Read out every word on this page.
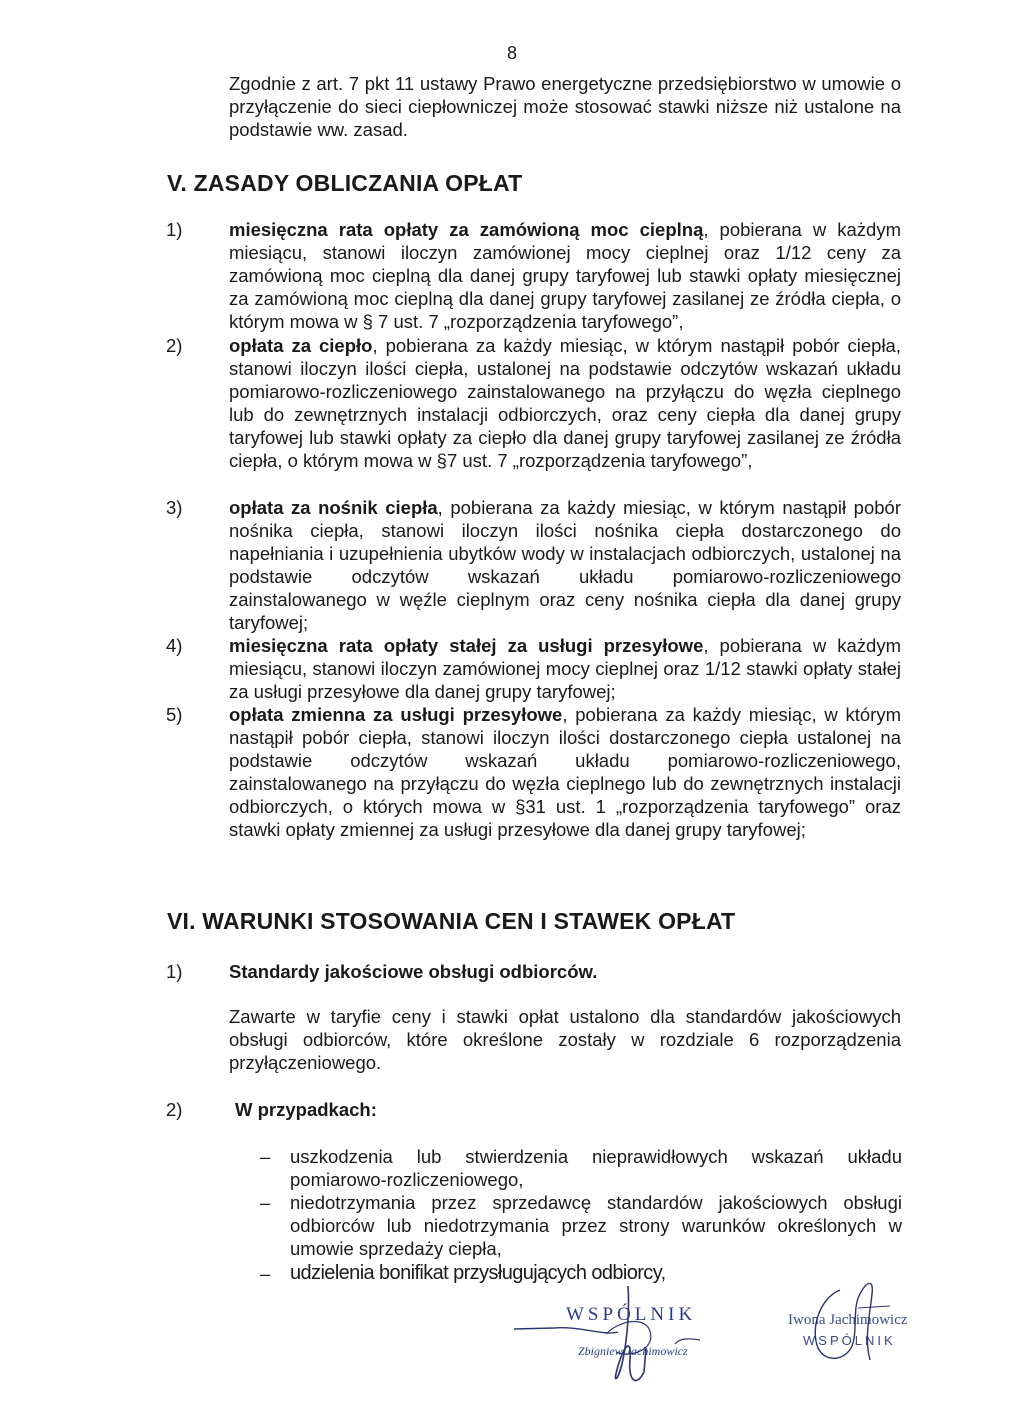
8
Zgodnie z art. 7 pkt 11 ustawy Prawo energetyczne przedsiębiorstwo w umowie o przyłączenie do sieci ciepłowniczej może stosować stawki niższe niż ustalone na podstawie ww. zasad.
V. ZASADY OBLICZANIA OPŁAT
1)	miesięczna rata opłaty za zamówioną moc cieplną, pobierana w każdym miesiącu, stanowi iloczyn zamówionej mocy cieplnej oraz 1/12 ceny za zamówioną moc cieplną dla danej grupy taryfowej lub stawki opłaty miesięcznej za zamówioną moc cieplną dla danej grupy taryfowej zasilanej ze źródła ciepła, o którym mowa w § 7 ust. 7 „rozporządzenia taryfowego”,
2)	opłata za ciepło, pobierana za każdy miesiąc, w którym nastąpił pobór ciepła, stanowi iloczyn ilości ciepła, ustalonej na podstawie odczytów wskazań układu pomiarowo-rozliczeniowego zainstalowanego na przyłączu do węzła cieplnego lub do zewnętrznych instalacji odbiorczych, oraz ceny ciepła dla danej grupy taryfowej lub stawki opłaty za ciepło dla danej grupy taryfowej zasilanej ze źródła ciepła, o którym mowa w §7 ust. 7 „rozporządzenia taryfowego”,
3)	opłata za nośnik ciepła, pobierana za każdy miesiąc, w którym nastąpił pobór nośnika ciepła, stanowi iloczyn ilości nośnika ciepła dostarczonego do napełniania i uzupełnienia ubytków wody w instalacjach odbiorczych, ustalonej na podstawie odczytów wskazań układu pomiarowo-rozliczeniowego zainstalowanego w węźle cieplnym oraz ceny nośnika ciepła dla danej grupy taryfowej;
4)	miesięczna rata opłaty stałej za usługi przesyłowe, pobierana w każdym miesiącu, stanowi iloczyn zamówionej mocy cieplnej oraz 1/12 stawki opłaty stałej za usługi przesyłowe dla danej grupy taryfowej;
5)	opłata zmienna za usługi przesyłowe, pobierana za każdy miesiąc, w którym nastąpił pobór ciepła, stanowi iloczyn ilości dostarczonego ciepła ustalonej na podstawie odczytów wskazań układu pomiarowo-rozliczeniowego, zainstalowanego na przyłączu do węzła cieplnego lub do zewnętrznych instalacji odbiorczych, o których mowa w §31 ust. 1 „rozporządzenia taryfowego” oraz stawki opłaty zmiennej za usługi przesyłowe dla danej grupy taryfowej;
VI. WARUNKI STOSOWANIA CEN I STAWEK OPŁAT
1)	Standardy jakościowe obsługi odbiorców.
Zawarte w taryfie ceny i stawki opłat ustalono dla standardów jakościowych obsługi odbiorców, które określone zostały w rozdziale 6 rozporządzenia przyłączeniowego.
2)	W przypadkach:
– uszkodzenia lub stwierdzenia nieprawidłowych wskazań układu pomiarowo-rozliczeniowego,
– niedotrzymania przez sprzedawcę standardów jakościowych obsługi odbiorców lub niedotrzymania przez strony warunków określonych w umowie sprzedaży ciepła,
– udzielenia bonifikat przysługujących odbiorcy,
WSPÓLNIK
Zbigniew Jachimowicz
Iwona Jachimowicz
WSPÓLNIK
